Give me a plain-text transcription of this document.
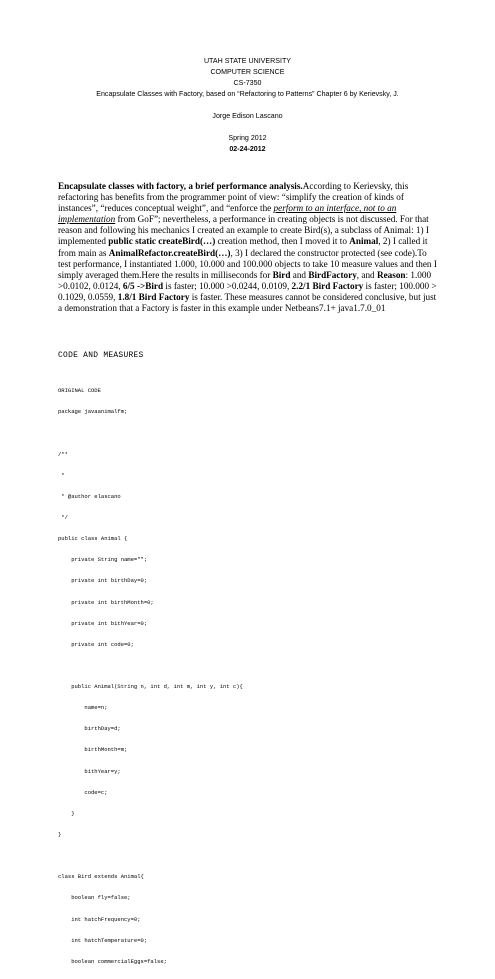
UTAH STATE UNIVERSITY
COMPUTER SCIENCE
CS-7350
Encapsulate Classes with Factory, based on “Refactoring to Patterns” Chapter 6 by Kerievsky, J.
Jorge Edison Lascano
Spring 2012
02-24-2012
Encapsulate classes with factory, a brief performance analysis.According to Kerievsky, this refactoring has benefits from the programmer point of view: “simplify the creation of kinds of instances”, “reduces conceptual weight”, and “enforce the perform to an interface, not to an implementation from GoF”; nevertheless, a performance in creating objects is not discussed. For that reason and following his mechanics I created an example to create Bird(s), a subclass of Animal: 1) I implemented public static createBird(…) creation method, then I moved it to Animal, 2) I called it from main as AnimalRefactor.createBird(…), 3) I declared the constructor protected (see code).To test performance, I instantiated 1.000, 10.000 and 100.000 objects to take 10 measure values and then I simply averaged them.Here the results in milliseconds for Bird and BirdFactory, and Reason: 1.000 >0.0102, 0.0124, 6/5 ->Bird is faster; 10.000 >0.0244, 0.0109, 2.2/1 Bird Factory is faster; 100.000 > 0.1029, 0.0559, 1.8/1 Bird Factory is faster. These measures cannot be considered conclusive, but just a demonstration that a Factory is faster in this example under Netbeans7.1+ java1.7.0_01
CODE AND MEASURES

ORIGINAL CODE

package javaanimalfm;

/**

*

* @author elascano

*/

public class Animal {

private String name="";

private int birthDay=0;

private int birthMonth=0;

private int bithYear=0;

private int code=0;

public Animal(String n, int d, int m, int y, int c){

name=n;

birthDay=d;

birthMonth=m;

bithYear=y;

code=c;

}

}

class Bird extends Animal{

boolean fly=false;

int hatchFrequency=0;

int hatchTemperature=0;

boolean commercialEggs=false;
